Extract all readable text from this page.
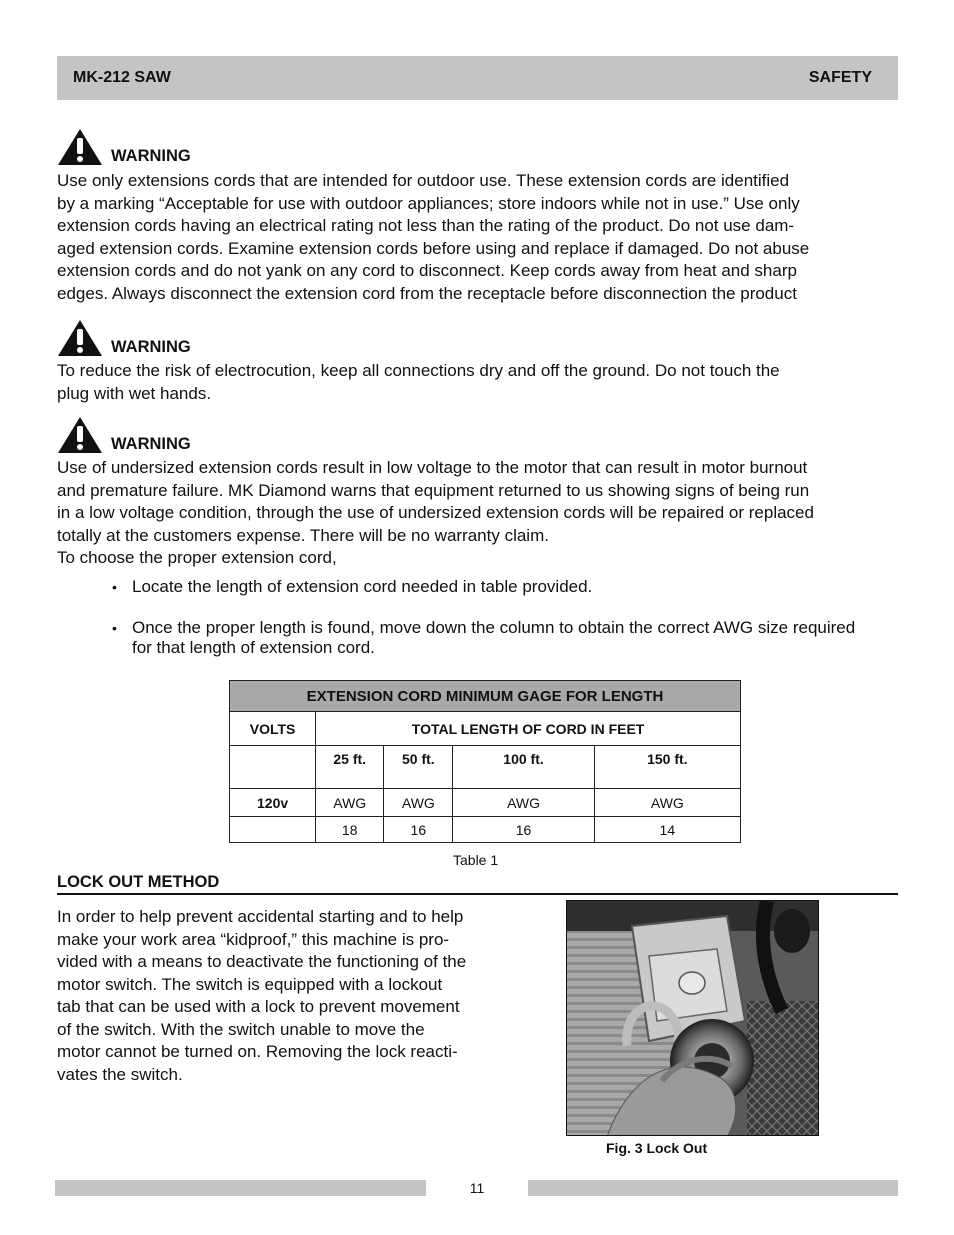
MK-212 SAW	SAFETY
WARNING
Use only extensions cords that are intended for outdoor use. These extension cords are identified
by a marking “Acceptable for use with outdoor appliances; store indoors while not in use.” Use only
extension cords having an electrical rating not less than the rating of the product. Do not use dam-
aged extension cords. Examine extension cords before using and replace if damaged. Do not abuse
extension cords and do not yank on any cord to disconnect. Keep cords away from heat and sharp
edges. Always disconnect the extension cord from the receptacle before disconnection the product
WARNING
To reduce the risk of electrocution, keep all connections dry and off the ground. Do not touch the
plug with wet hands.
WARNING
Use of undersized extension cords result in low voltage to the motor that can result in motor burnout
and premature failure. MK Diamond warns that equipment returned to us showing signs of being run
in a low voltage condition, through the use of undersized extension cords will be repaired or replaced
totally at the customers expense. There will be no warranty claim.
To choose the proper extension cord,
• Locate the length of extension cord needed in table provided.
• Once the proper length is found, move down the column to obtain the correct AWG size required for that length of extension cord.
EXTENSION CORD MINIMUM GAGE FOR LENGTH				
VOLTS	TOTAL LENGTH OF CORD IN FEET			
	25 ft.	50 ft.	100 ft.	150 ft.
120v	AWG	AWG	AWG	AWG
	18	16	16	14
Table 1
LOCK OUT METHOD
In order to help prevent accidental starting and to help
make your work area “kidproof,” this machine is pro-
vided with a means to deactivate the functioning of the
motor switch. The switch is equipped with a lockout
tab that can be used with a lock to prevent movement
of the switch. With the switch unable to move the
motor cannot be turned on. Removing the lock reacti-
vates the switch.
Fig. 3 Lock Out
11
